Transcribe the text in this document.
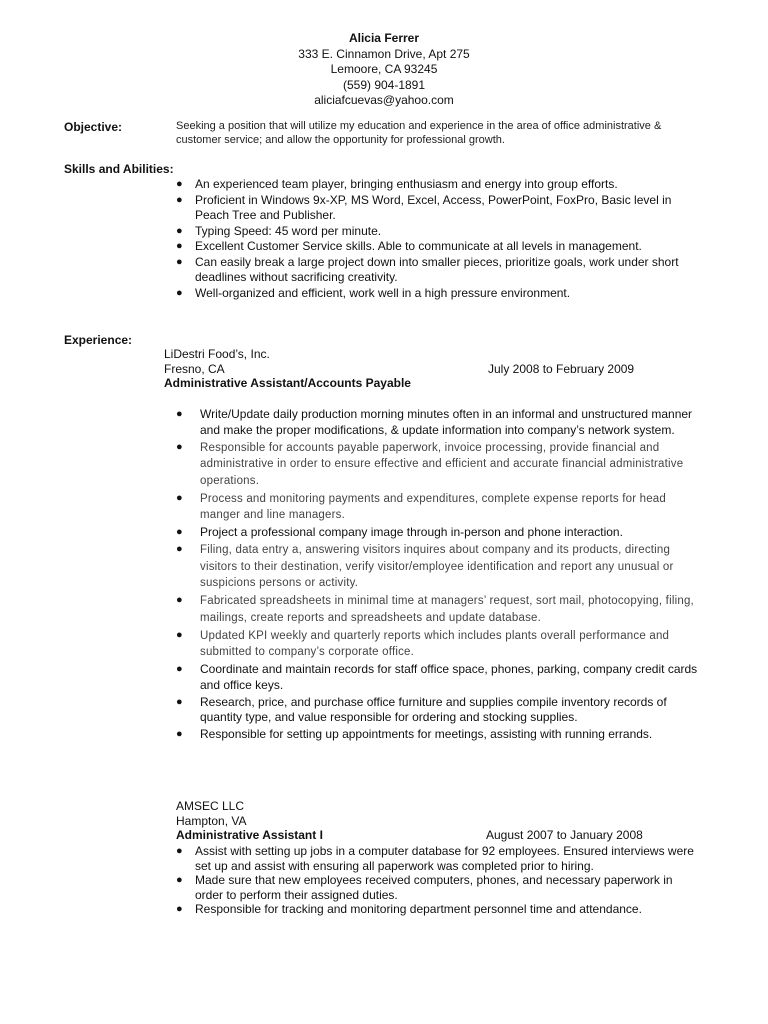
Alicia Ferrer
333 E. Cinnamon Drive, Apt 275
Lemoore, CA 93245
(559) 904-1891
aliciafcuevas@yahoo.com
Objective:	Seeking a position that will utilize my education and experience in the area of office administrative & customer service; and allow the opportunity for professional growth.
Skills and Abilities:
● An experienced team player, bringing enthusiasm and energy into group efforts.
● Proficient in Windows 9x-XP, MS Word, Excel, Access, PowerPoint, FoxPro, Basic level in Peach Tree and Publisher.
● Typing Speed: 45 word per minute.
● Excellent Customer Service skills. Able to communicate at all levels in management.
● Can easily break a large project down into smaller pieces, prioritize goals, work under short deadlines without sacrificing creativity.
● Well-organized and efficient, work well in a high pressure environment.
Experience:
LiDestri Food’s, Inc.
Fresno, CA	July 2008 to February 2009
Administrative Assistant/Accounts Payable
● Write/Update daily production morning minutes often in an informal and unstructured manner and make the proper modifications, & update information into company’s network system.
● Responsible for accounts payable paperwork, invoice processing, provide financial and administrative in order to ensure effective and efficient and accurate financial administrative operations.
● Process and monitoring payments and expenditures, complete expense reports for head manger and line managers.
● Project a professional company image through in-person and phone interaction.
● Filing, data entry a, answering visitors inquires about company and its products, directing visitors to their destination, verify visitor/employee identification and report any unusual or suspicions persons or activity.
● Fabricated spreadsheets in minimal time at managers’ request, sort mail, photocopying, filing, mailings, create reports and spreadsheets and update database.
● Updated KPI weekly and quarterly reports which includes plants overall performance and submitted to company’s corporate office.
● Coordinate and maintain records for staff office space, phones, parking, company credit cards and office keys.
● Research, price, and purchase office furniture and supplies compile inventory records of quantity type, and value responsible for ordering and stocking supplies.
● Responsible for setting up appointments for meetings, assisting with running errands.
AMSEC LLC
Hampton, VA
Administrative Assistant I	August 2007 to January 2008
● Assist with setting up jobs in a computer database for 92 employees. Ensured interviews were set up and assist with ensuring all paperwork was completed prior to hiring.
● Made sure that new employees received computers, phones, and necessary paperwork in order to perform their assigned duties.
● Responsible for tracking and monitoring department personnel time and attendance.
